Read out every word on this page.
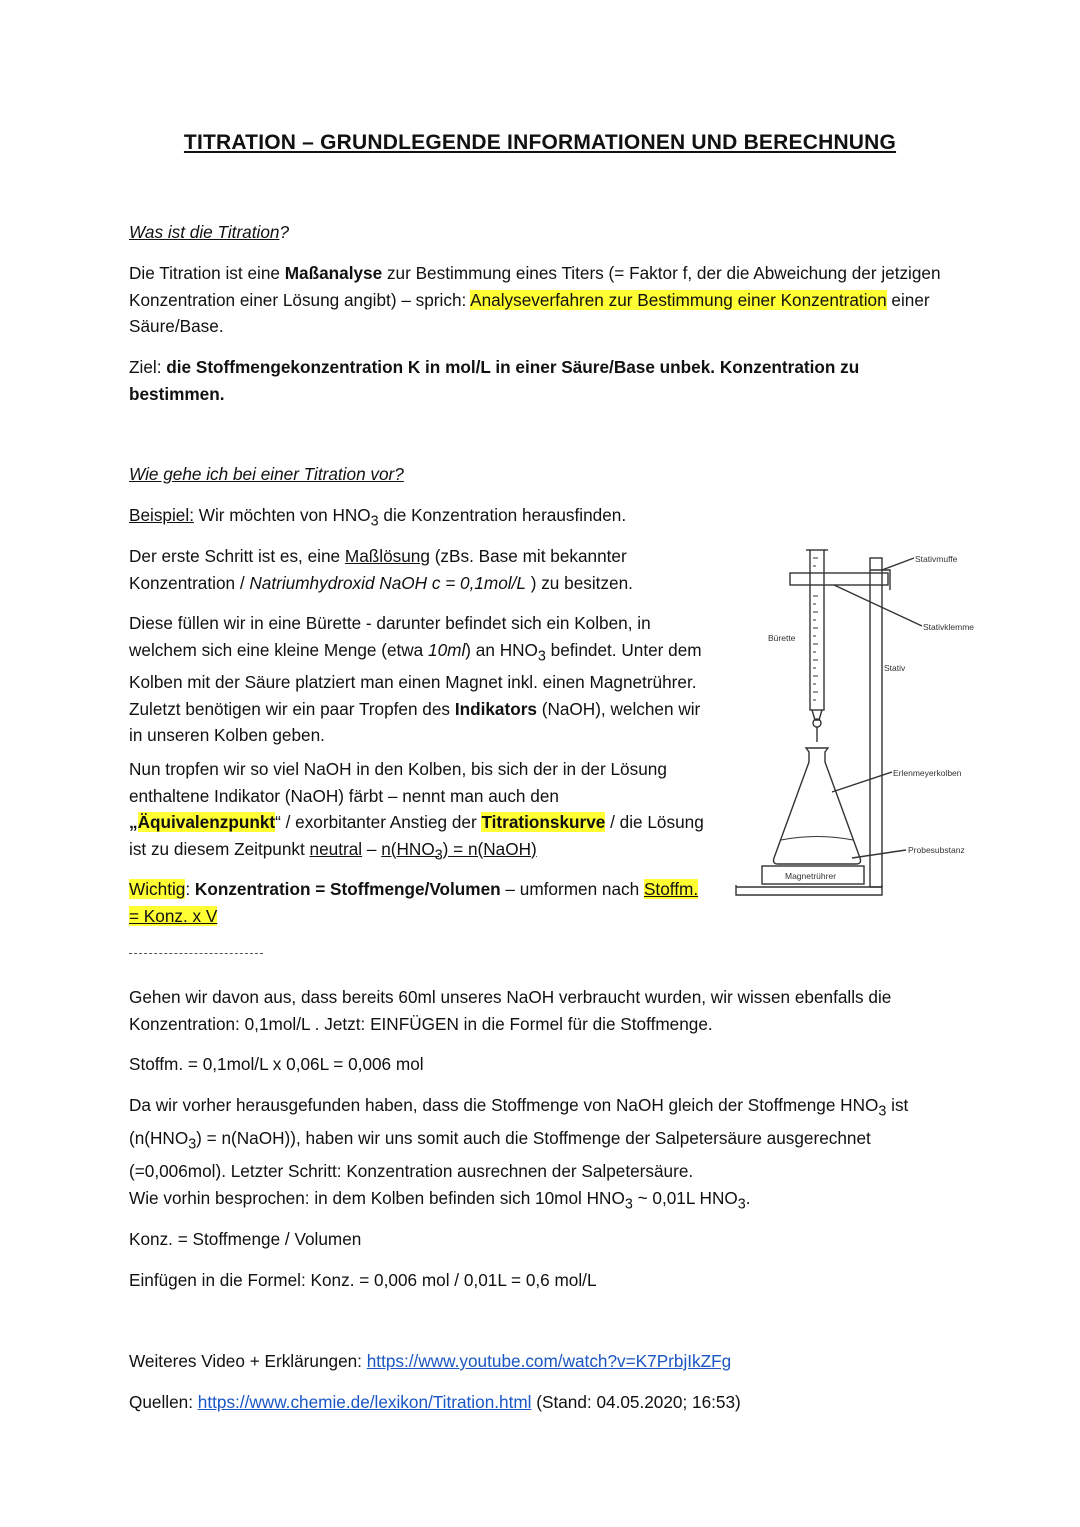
TITRATION – GRUNDLEGENDE INFORMATIONEN UND BERECHNUNG

Was ist die Titration?

Die Titration ist eine Maßanalyse zur Bestimmung eines Titers (= Faktor f, der die Abweichung der jetzigen Konzentration einer Lösung angibt) – sprich: Analyseverfahren zur Bestimmung einer Konzentration einer Säure/Base.

Ziel: die Stoffmengekonzentration K in mol/L in einer Säure/Base unbek. Konzentration zu bestimmen.

Wie gehe ich bei einer Titration vor?

Beispiel: Wir möchten von $HNO_3$ die Konzentration herausfinden.

Der erste Schritt ist es, eine Maßlösung (zBs. Base mit bekannter Konzentration / Natriumhydroxid NaOH c = 0,1mol/L ) zu besitzen.

Diese füllen wir in eine Bürette - darunter befindet sich ein Kolben, in welchem sich eine kleine Menge (etwa 10ml) an $HNO_3$ befindet. Unter dem Kolben mit der Säure platziert man einen Magnet inkl. einen Magnetrührer. Zuletzt benötigen wir ein paar Tropfen des Indikators (NaOH), welchen wir in unseren Kolben geben.

Nun tropfen wir so viel NaOH in den Kolben, bis sich der in der Lösung enthaltene Indikator (NaOH) färbt – nennt man auch den „Äquivalenzpunkt“ / exorbitanter Anstieg der Titrationskurve / die Lösung ist zu diesem Zeitpunkt neutral – $n(HNO_3)$ = n(NaOH)

Wichtig: Konzentration = Stoffmenge/Volumen – umformen nach Stoffm. = Konz. x V

Stativmuffe
Stativklemme
Bürette
Stativ
Erlenmeyerkolben
Probesubstanz
Magnetrührer

Gehen wir davon aus, dass bereits 60ml unseres NaOH verbraucht wurden, wir wissen ebenfalls die Konzentration: 0,1mol/L . Jetzt: EINFÜGEN in die Formel für die Stoffmenge.

Stoffm. = 0,1mol/L x 0,06L = 0,006 mol

Da wir vorher herausgefunden haben, dass die Stoffmenge von NaOH gleich der Stoffmenge $HNO_3$ ist ($n(HNO_3)$ = n(NaOH)), haben wir uns somit auch die Stoffmenge der Salpetersäure ausgerechnet (=0,006mol). Letzter Schritt: Konzentration ausrechnen der Salpetersäure.

Wie vorhin besprochen: in dem Kolben befinden sich 10mol $HNO_3$ ~ 0,01L $HNO_3$.

Konz. = Stoffmenge / Volumen

Einfügen in die Formel: Konz. = 0,006 mol / 0,01L = 0,6 mol/L

Weiteres Video + Erklärungen: https://www.youtube.com/watch?v=K7PrbjIkZFg

Quellen: https://www.chemie.de/lexikon/Titration.html (Stand: 04.05.2020; 16:53)
